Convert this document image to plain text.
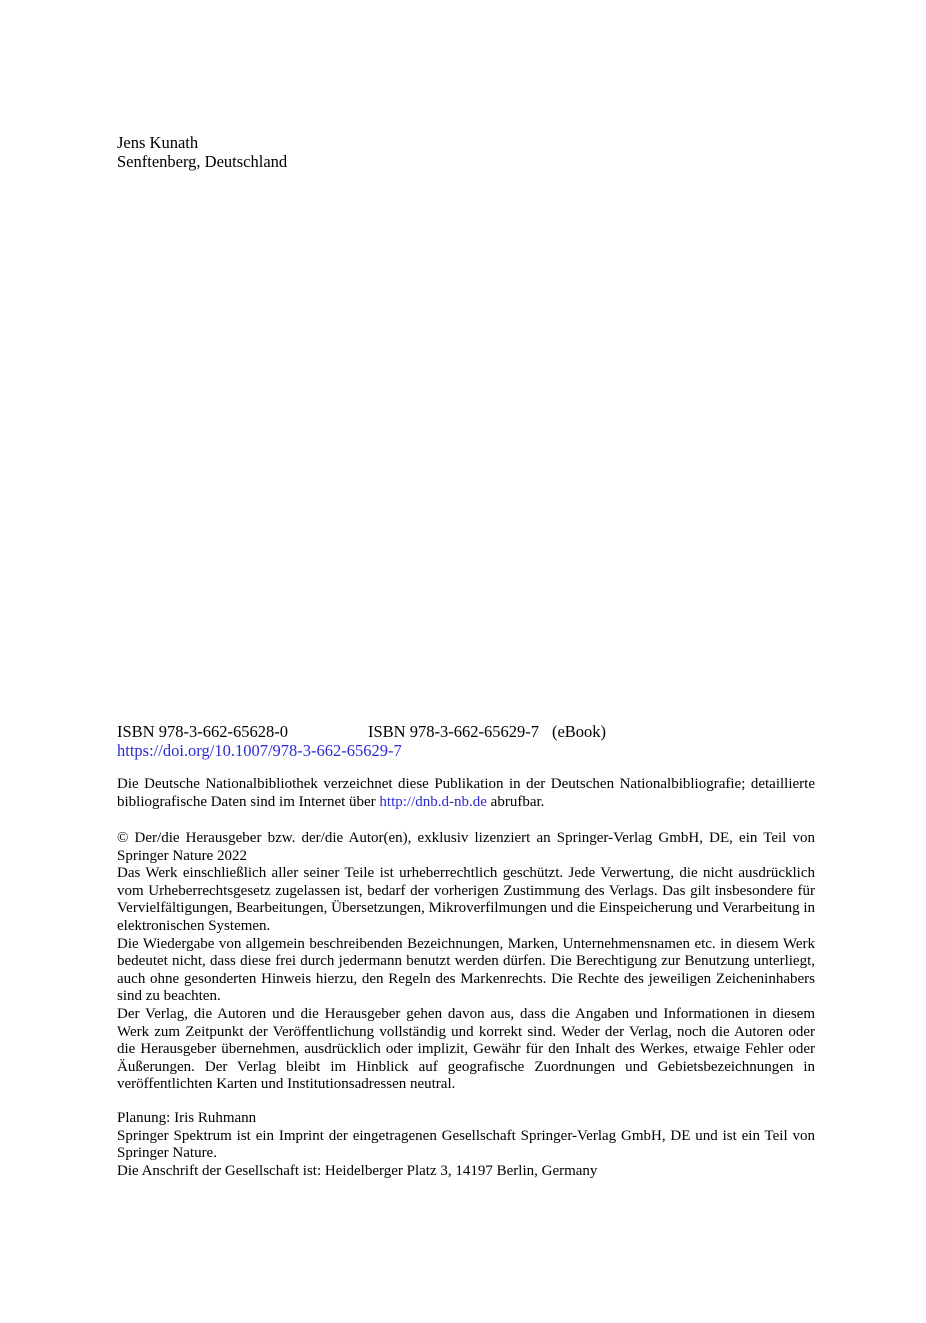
Jens Kunath
Senftenberg, Deutschland
ISBN 978-3-662-65628-0	ISBN 978-3-662-65629-7 (eBook)
https://doi.org/10.1007/978-3-662-65629-7

Die Deutsche Nationalbibliothek verzeichnet diese Publikation in der Deutschen Nationalbibliografie; detaillierte bibliografische Daten sind im Internet über http://dnb.d-nb.de abrufbar.

© Der/die Herausgeber bzw. der/die Autor(en), exklusiv lizenziert an Springer-Verlag GmbH, DE, ein Teil von Springer Nature 2022

Das Werk einschließlich aller seiner Teile ist urheberrechtlich geschützt. Jede Verwertung, die nicht ausdrücklich vom Urheberrechtsgesetz zugelassen ist, bedarf der vorherigen Zustimmung des Verlags. Das gilt insbesondere für Vervielfältigungen, Bearbeitungen, Übersetzungen, Mikroverfilmungen und die Einspeicherung und Verarbeitung in elektronischen Systemen.

Die Wiedergabe von allgemein beschreibenden Bezeichnungen, Marken, Unternehmensnamen etc. in diesem Werk bedeutet nicht, dass diese frei durch jedermann benutzt werden dürfen. Die Berechtigung zur Benutzung unterliegt, auch ohne gesonderten Hinweis hierzu, den Regeln des Markenrechts. Die Rechte des jeweiligen Zeicheninhabers sind zu beachten.

Der Verlag, die Autoren und die Herausgeber gehen davon aus, dass die Angaben und Informationen in diesem Werk zum Zeitpunkt der Veröffentlichung vollständig und korrekt sind. Weder der Verlag, noch die Autoren oder die Herausgeber übernehmen, ausdrücklich oder implizit, Gewähr für den Inhalt des Werkes, etwaige Fehler oder Äußerungen. Der Verlag bleibt im Hinblick auf geografische Zuordnungen und Gebietsbezeichnungen in veröffentlichten Karten und Institutionsadressen neutral.

Planung: Iris Ruhmann

Springer Spektrum ist ein Imprint der eingetragenen Gesellschaft Springer-Verlag GmbH, DE und ist ein Teil von Springer Nature.

Die Anschrift der Gesellschaft ist: Heidelberger Platz 3, 14197 Berlin, Germany
